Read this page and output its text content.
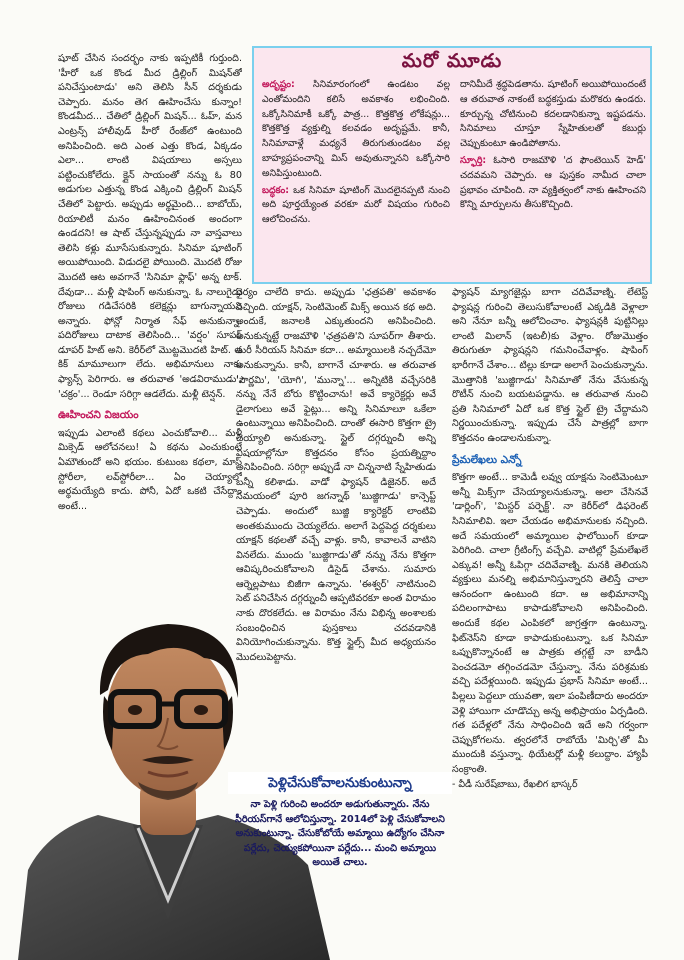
షూట్ చేసిన సందర్భం నాకు ఇప్పటికీ గుర్తుంది. 'హీరో ఒక కొండ మీద డ్రిల్లింగ్ మిషన్‌తో పనిచేస్తుంటాడు' అని తెలిసి సీన్ దర్శకుడు చెప్పారు. మనం తెగ ఊహించేసు కున్నాం! కొండమీద... చేతిలో డ్రిల్లింగ్ మిషన్... ఓహ్, మన ఎంట్రన్స్ హాలీవుడ్ హీరో రేంజ్‌లో ఉంటుంది అనిపించింది. అది ఎంత ఎత్తు కొండ, ఏక్కడం ఎలా... లాంటి విషయాలు అస్సలు పట్టించుకోలేదు. క్లైన్ సాయంతో నన్ను ఓ 80 అడుగుల ఎత్తున్న కొండ ఎక్కించి డ్రిల్లింగ్ మిషన్ చేతిలో పెట్టారు. అప్పుడు అర్థమైంది... బాబోయ్, రియాలిటీ మనం ఊహించినంత అందంగా ఉండదని! ఆ షాట్ చేస్తున్నప్పుడు నా వాస్తవాలు తెలిసి కళ్లు మూసేసుకున్నారు. సినిమా షూటింగ్ అయిపోయింది. విడుదలై పోయింది. మొదటి రోజు మొదటి ఆట అవగానే 'సినిమా ఫ్లాఫ్' అన్న టాక్. దేవుడా... మళ్లీ షాపింగ్ అనుకున్నా. ఓ నాలుగైదు రోజులు గడిచేసరికి కలెక్షన్లు బాగున్నాయని అన్నారు. ఫోన్లో నిర్మాత సేఫ్ అనుకున్నా. పదిరోజులు దాటాక తెలిసింది... 'వర్షం' సూపర్ డూపర్ హిట్ అని. కెరీర్‌లో మొట్టమొదటి హిట్. ఆ కిక్ మామూలుగా లేదు. అభిమానులు నాకు ఫ్యాన్స్ పెరిగారు. ఆ తరువాత 'అడవిరాముడు', 'చక్రం'... రెండూ సరిగ్గా ఆడలేదు. మళ్లీ టెన్షన్.

ఊహించని విజయం

ఇప్పుడు ఎలాంటి కథలు ఎంచుకోవాలి... మళ్లీ మిక్సెడ్ ఆలోచనలు! ఏ కథను ఎంచుకుంటే ఏమౌతుందో అని భయం. కుటుంబ కథలా, మాస్ స్టోరీలా, లవ్‌స్టోరీలా... ఏం చెయ్యాలో అర్థమయ్యేది కాదు. పోనీ, ఏదో ఒకటి చేసేద్దాం అంటే...

మరో మూడు

అదృష్టం: సినిమారంగంలో ఉండటం వల్ల ఎంతోమందిని కలిసే అవకాశం లభించింది. ఒక్కోసినిమాకీ ఒక్కో పాత్ర... కొత్తకొత్త లోకేషన్లు... కొత్తకొత్త వ్యక్తుల్ని కలవడం అదృష్టమే. కానీ, సినిమావాళ్లే మధ్యనే తిరుగుతుండటం వల్ల బాహ్యప్రపంచాన్ని మిస్ అవుతున్నానని ఒక్కోసారి అనిపిస్తుంటుంది.

బద్ధకం: ఒక సినిమా షూటింగ్ మొదలైనప్పటి నుంచి అది పూర్తయ్యేంత వరకూ మరో విషయం గురించి ఆలోచించను.

దానిమీదే శ్రద్ధపెడతాను. షూటింగ్ అయిపోయిందంటే ఆ తరువాత నాకంటే బద్ధకస్తుడు మరొకరు ఉండరు. కూర్చున్న చోటినుంచి కదలడానికున్నా ఇష్టపడను. సినిమాలు చూస్తూ స్నేహితులతో కబుర్లు చెప్పుకుంటూ ఉండిపోతాను.

స్ఫూర్తి: ఓసారి రాజమౌళి 'ద ఫౌంటెయిన్ హెడ్' చదవమని చెప్పారు. ఆ పుస్తకం నామీద చాలా ప్రభావం చూపింది. నా వ్యక్తిత్వంలో నాకు ఊహించని కొన్ని మార్పులను తీసుకొచ్చింది.

ధైర్యం చాలేది కాదు. అప్పుడు 'ఛత్రపతి' అవకాశం వచ్చింది. యాక్షన్, సెంటిమెంట్ మిక్స్ అయిన కథ అది. అందుకే, జనాలకి ఎక్కుతుందని అనిపించింది. అనుకున్నట్టే రాజమౌళి 'ఛత్రపతి'ని సూపర్‌గా తీశారు. మరీ సీరియస్ సినిమా కదా... అమ్మాయిలకి నచ్చదేమో అనుకున్నాను. కానీ, బాగానే చూశారు. ఆ తరువాత 'పౌర్ణమి', 'యోగి', 'మున్నా'... అన్నిటికి వచ్చేసరికి నన్ను నేనే బోరు కొట్టించాను! అవే క్యారెక్టర్లు అవే డైలాగులు అవే ఫైట్లు... అన్ని సినిమాలూ ఒకేలా ఉంటున్నాయి అనిపించింది. దాంతో ఈసారి కొత్తగా ట్రై చెయ్యాలి అనుకున్నా. స్టైల్ దగ్గర్నుంచీ అన్ని విషయాల్లోనూ కొత్తదనం కోసం ప్రయత్నిద్దాం అనిపించింది. సరిగ్గా అప్పుడే నా చిన్ననాటి స్నేహితుడు బన్నీ కలిశాడు. వాడో ఫ్యాషన్ డిజైనర్. అదే సమయంలో పూరి జగన్నాథ్ 'బుజ్జిగాడు' కాన్సెప్ట్ చెప్పాడు. అందులో బుజ్జి క్యారెక్టర్ లాంటివి అంతకుముందు చెయ్యలేదు. అలాగే పెద్దపెద్ద దర్శకులు యాక్షన్ కథలతో వచ్చే వాళ్లు. కానీ, కావాలనే వాటిని వినలేదు. ముందు 'బుజ్జిగాడు'తో నన్ను నేను కొత్తగా ఆవిష్కరించుకోవాలని డిసైడ్ చేశాను. సుమారు ఆర్నెల్లపాటు బిజీగా ఉన్నాను. 'ఈశ్వర్' నాటినుంచి సెట్ పనిచేసిన దగ్గర్నుంచీ ఆప్పటివరకూ అంత విరామం నాకు దొరకలేదు. ఆ విరామం నేను విభిన్న అంశాలకు సంబంధించిన పుస్తకాలు చదవడానికి వినియోగించుకున్నాను. కొత్త స్టైల్స్ మీద అధ్యయనం మొదలుపెట్టాను.

ఫ్యాషన్ మ్యాగజైన్లు బాగా చదివేవాణ్ని. లేటెస్ట్ ఫ్యాషన్ల గురించి తెలుసుకోవాలంటే ఎక్కడికి వెళ్లాలా అని నేనూ బన్నీ ఆలోచించాం. ఫ్యాషన్లకి పుట్టినిల్లు లాంటి మిలాన్ (ఇటలీ)కు వెళ్లాం. రోజుమొత్తం తిరుగుతూ ఫ్యాషన్లని గమనించేవాళ్లం. షాపింగ్ భారీగానే చేశాం... టిల్లు కూడా అలాగే పెంచుకున్నాను. మొత్తానికి 'బుజ్జిగాడు' సినిమాతో నేను వేసుకున్న రొటీన్ నుంచి బయటపడ్డాను. ఆ తరువాత నుంచి ప్రతి సినిమాలో ఏదో ఒక కొత్త స్టైల్ ట్రై చేద్దామని నిర్ణయించుకున్నా. ఇప్పుడు చేసే పాత్రల్లో బాగా కొత్తదనం ఉండాలనుకున్నా.

ప్రేమలేఖలు ఎన్నో

కొత్తగా అంటే... కామెడీ లవ్వు యాక్షను సెంటిమెంటూ అన్నీ మిక్స్‌గా చేసెయ్యాలనుకున్నా. అలా చేసినవే 'డార్లింగ్', 'మిస్టర్ పర్ఫెక్ట్'. నా కెరీర్‌లో డిఫరెంట్ సినిమాలివి. ఇలా చేయడం అభిమానులకు నచ్చింది. అదే సమయంలో అమ్మాయిల ఫాలోయింగ్ కూడా పెరిగింది. చాలా గ్రీటింగ్స్ వచ్చేవి. వాటిల్లో ప్రేమలేఖలే ఎక్కువ! అన్నీ ఓపిగ్గా చదివేవాణ్ని. మనకి తెలియని వ్యక్తులు మనల్ని అభిమానిస్తున్నారని తెలిస్తే చాలా ఆనందంగా ఉంటుంది కదా. ఆ అభిమానాన్ని పదిలంగాపాటు కాపాడుకోవాలని అనిపించింది. అందుకే కథల ఎంపికలో జాగ్రత్తగా ఉంటున్నా. ఫిట్‌నెస్‌ని కూడా కాపాడుకుంటున్నా. ఒక సినిమా ఒప్పుకొన్నానంటే ఆ పాత్రకు తగ్గట్టే నా బాడీని పెంచడమో తగ్గించడమో చేస్తున్నా. నేను పరిశ్రమకు వచ్చి పదేళ్లయింది. ఇప్పుడు ప్రభాస్ సినిమా అంటే... పిల్లలు పెద్దలూ యువతా, ఇలా పంపిణీదారు అందరూ వెళ్లి హాయిగా చూడొచ్చు అన్న అభిప్రాయం ఏర్పడింది. గత పదేళ్లలో నేను సాధించింది ఇదే అని గర్వంగా చెప్పుకోగలను. త్వరలోనే రాబోయే 'మిర్చి'తో మీ ముందుకి వస్తున్నా. థియేటర్లో మళ్లీ కలుద్దాం. హ్యాపీ సంక్రాంతి.

- వీడీ సురేష్‌బాబు, రేఖలిగ భాస్కర్

పెళ్లిచేసుకోవాలనుకుంటున్నా

నా పెళ్లి గురించి అందరూ అడుగుతున్నారు. నేను సీరియస్‌గానే ఆలోచిస్తున్నా. 2014లో పెళ్లి చేసుకోవాలని అనుకుంటున్నా. చేసుకోబోయే అమ్మాయి ఉద్యోగం చేసినా పర్లేదు, చెయ్యకపోయినా పర్లేదు... మంచి అమ్మాయి అయితే చాలు.
